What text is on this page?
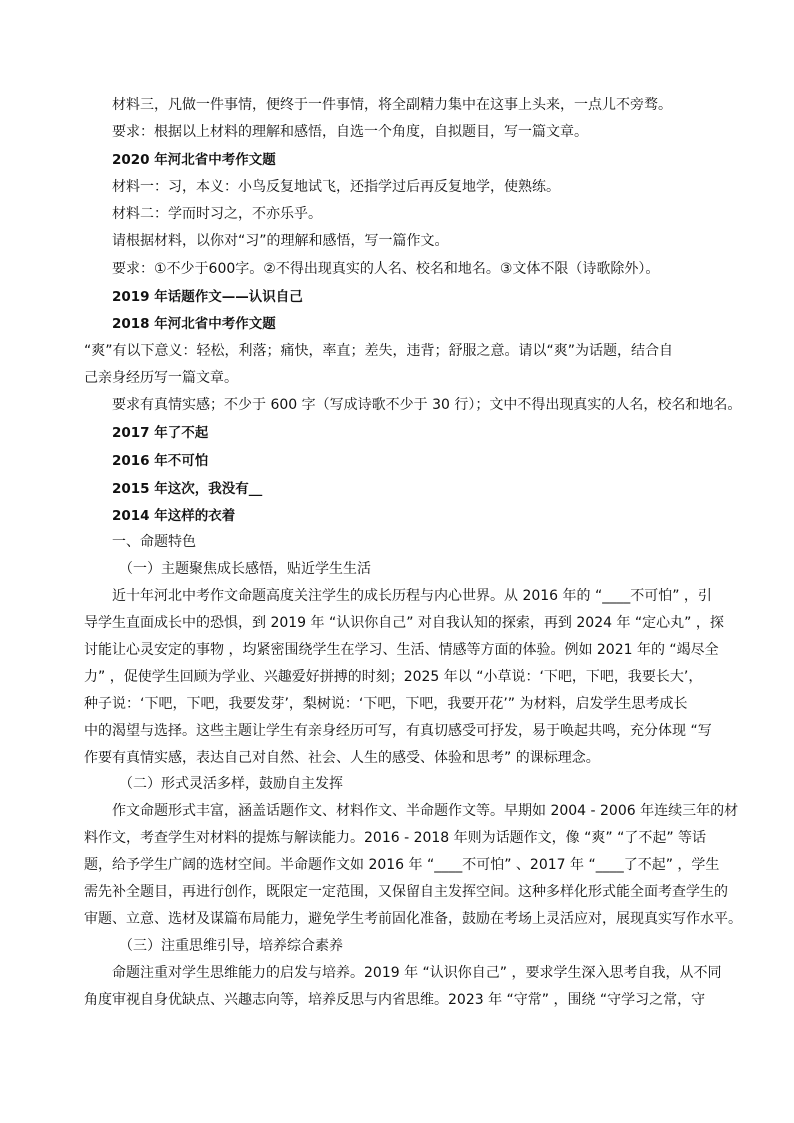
材料三，凡做一件事情，便终于一件事情，将全副精力集中在这事上头来，一点儿不旁骛。
要求：根据以上材料的理解和感悟，自选一个角度，自拟题目，写一篇文章。
2020 年河北省中考作文题
材料一：习，本义：小鸟反复地试飞，还指学过后再反复地学，使熟练。
材料二：学而时习之，不亦乐乎。
请根据材料，以你对“习”的理解和感悟，写一篇作文。
要求：①不少于600字。②不得出现真实的人名、校名和地名。③文体不限（诗歌除外）。
2019 年话题作文——认识自己
2018 年河北省中考作文题
“爽”有以下意义：轻松，利落；痛快，率直；差失，违背；舒服之意。请以“爽”为话题，结合自
己亲身经历写一篇文章。
要求有真情实感；不少于 600 字（写成诗歌不少于 30 行）；文中不得出现真实的人名，校名和地名。
2017 年了不起
2016 年不可怕
2015 年这次，我没有__
2014 年这样的衣着
一、命题特色
（一）主题聚焦成长感悟，贴近学生生活
近十年河北中考作文命题高度关注学生的成长历程与内心世界。从 2016 年的 “____不可怕” ，引
导学生直面成长中的恐惧，到 2019 年 “认识你自己” 对自我认知的探索，再到 2024 年 “定心丸” ，探
讨能让心灵安定的事物 ，均紧密围绕学生在学习、生活、情感等方面的体验。例如 2021 年的 “竭尽全
力” ，促使学生回顾为学业、兴趣爱好拼搏的时刻；2025 年以 “小草说：‘下吧，下吧，我要长大’，
种子说：‘下吧，下吧，我要发芽’，梨树说：‘下吧，下吧，我要开花’” 为材料，启发学生思考成长
中的渴望与选择。这些主题让学生有亲身经历可写，有真切感受可抒发，易于唤起共鸣，充分体现 “写
作要有真情实感，表达自己对自然、社会、人生的感受、体验和思考” 的课标理念。
（二）形式灵活多样，鼓励自主发挥
作文命题形式丰富，涵盖话题作文、材料作文、半命题作文等。早期如 2004 - 2006 年连续三年的材
料作文，考查学生对材料的提炼与解读能力。2016 - 2018 年则为话题作文，像 “爽” “了不起” 等话
题，给予学生广阔的选材空间。半命题作文如 2016 年 “____不可怕” 、2017 年 “____了不起” ，学生
需先补全题目，再进行创作，既限定一定范围，又保留自主发挥空间。这种多样化形式能全面考查学生的
审题、立意、选材及谋篇布局能力，避免学生考前固化准备，鼓励在考场上灵活应对，展现真实写作水平。
（三）注重思维引导，培养综合素养
命题注重对学生思维能力的启发与培养。2019 年 “认识你自己” ，要求学生深入思考自我，从不同
角度审视自身优缺点、兴趣志向等，培养反思与内省思维。2023 年 “守常” ，围绕 “守学习之常，守
